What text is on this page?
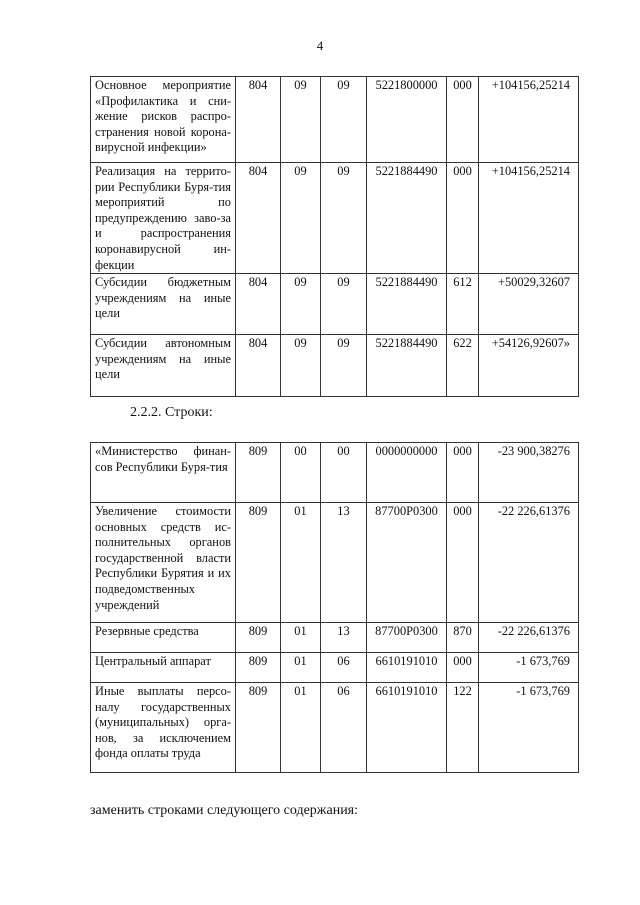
4
Основное мероприятие «Профилактика и сни-жение рисков распро-странения новой корона-вирусной инфекции»	804	09	09	5221800000	000	+104156,25214
Реализация на террито-рии Республики Буря-тия мероприятий по предупреждению заво-за и распространения коронавирусной ин-фекции	804	09	09	5221884490	000	+104156,25214
Субсидии бюджетным учреждениям на иные цели	804	09	09	5221884490	612	+50029,32607
Субсидии автономным учреждениям на иные цели	804	09	09	5221884490	622	+54126,92607»
2.2.2. Строки:
«Министерство финан-сов Республики Буря-тия	809	00	00	0000000000	000	-23 900,38276
Увеличение стоимости основных средств ис-полнительных органов государственной власти Республики Бурятия и их подведомственных учреждений	809	01	13	87700P0300	000	-22 226,61376
Резервные средства	809	01	13	87700P0300	870	-22 226,61376
Центральный аппарат	809	01	06	6610191010	000	-1 673,769
Иные выплаты персо-налу государственных (муниципальных) орга-нов, за исключением фонда оплаты труда	809	01	06	6610191010	122	-1 673,769
заменить строками следующего содержания:
